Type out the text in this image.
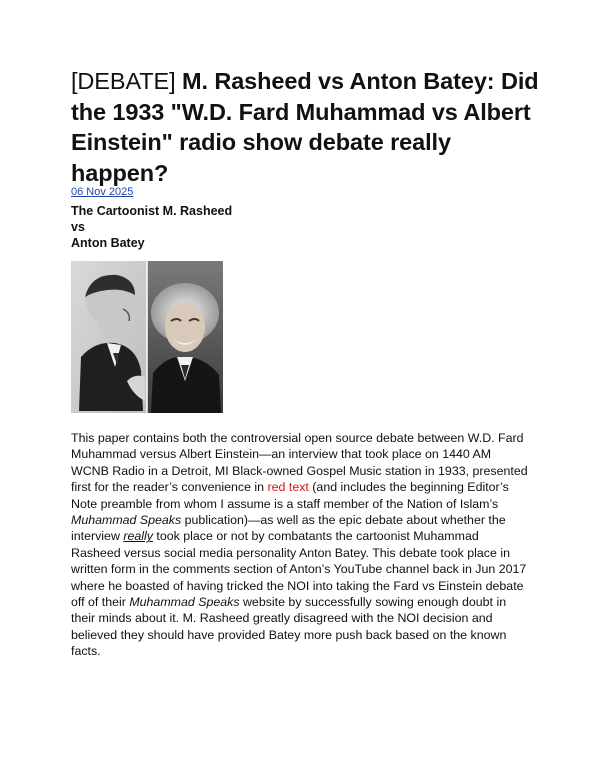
[DEBATE] M. Rasheed vs Anton Batey: Did the 1933 "W.D. Fard Muhammad vs Albert Einstein" radio show debate really happen?
06 Nov 2025
The Cartoonist M. Rasheed
vs
Anton Batey

This paper contains both the controversial open source debate between W.D. Fard Muhammad versus Albert Einstein—an interview that took place on 1440 AM WCNB Radio in a Detroit, MI Black-owned Gospel Music station in 1933, presented first for the reader’s convenience in red text (and includes the beginning Editor’s Note preamble from whom I assume is a staff member of the Nation of Islam’s Muhammad Speaks publication)—as well as the epic debate about whether the interview really took place or not by combatants the cartoonist Muhammad Rasheed versus social media personality Anton Batey. This debate took place in written form in the comments section of Anton’s YouTube channel back in Jun 2017 where he boasted of having tricked the NOI into taking the Fard vs Einstein debate off of their Muhammad Speaks website by successfully sowing enough doubt in their minds about it. M. Rasheed greatly disagreed with the NOI decision and believed they should have provided Batey more push back based on the known facts.
